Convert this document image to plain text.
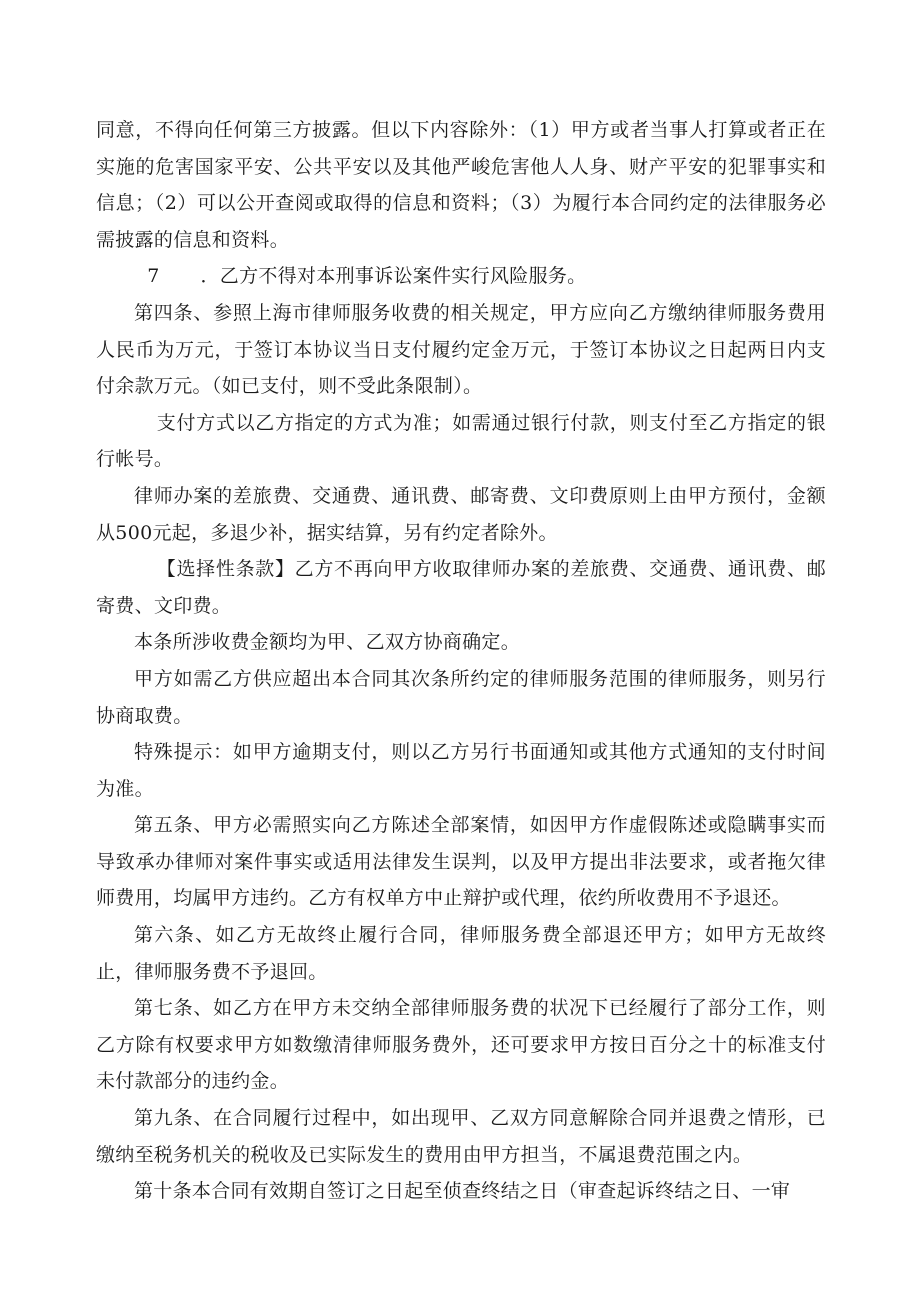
同意，不得向任何第三方披露。但以下内容除外：（1）甲方或者当事人打算或者正在实施的危害国家平安、公共平安以及其他严峻危害他人人身、财产平安的犯罪事实和信息；（2）可以公开查阅或取得的信息和资料；（3）为履行本合同约定的法律服务必需披露的信息和资料。

7 ．乙方不得对本刑事诉讼案件实行风险服务。

第四条、参照上海市律师服务收费的相关规定，甲方应向乙方缴纳律师服务费用人民币为万元，于签订本协议当日支付履约定金万元，于签订本协议之日起两日内支付余款万元。（如已支付，则不受此条限制）。

支付方式以乙方指定的方式为准；如需通过银行付款，则支付至乙方指定的银行帐号。

律师办案的差旅费、交通费、通讯费、邮寄费、文印费原则上由甲方预付，金额从500元起，多退少补，据实结算，另有约定者除外。

【选择性条款】乙方不再向甲方收取律师办案的差旅费、交通费、通讯费、邮寄费、文印费。

本条所涉收费金额均为甲、乙双方协商确定。

甲方如需乙方供应超出本合同其次条所约定的律师服务范围的律师服务，则另行协商取费。

特殊提示：如甲方逾期支付，则以乙方另行书面通知或其他方式通知的支付时间为准。

第五条、甲方必需照实向乙方陈述全部案情，如因甲方作虚假陈述或隐瞒事实而导致承办律师对案件事实或适用法律发生误判，以及甲方提出非法要求，或者拖欠律师费用，均属甲方违约。乙方有权单方中止辩护或代理，依约所收费用不予退还。

第六条、如乙方无故终止履行合同，律师服务费全部退还甲方；如甲方无故终止，律师服务费不予退回。

第七条、如乙方在甲方未交纳全部律师服务费的状况下已经履行了部分工作，则乙方除有权要求甲方如数缴清律师服务费外，还可要求甲方按日百分之十的标准支付未付款部分的违约金。

第九条、在合同履行过程中，如出现甲、乙双方同意解除合同并退费之情形，已缴纳至税务机关的税收及已实际发生的费用由甲方担当，不属退费范围之内。

第十条本合同有效期自签订之日起至侦查终结之日（审查起诉终结之日、一审
